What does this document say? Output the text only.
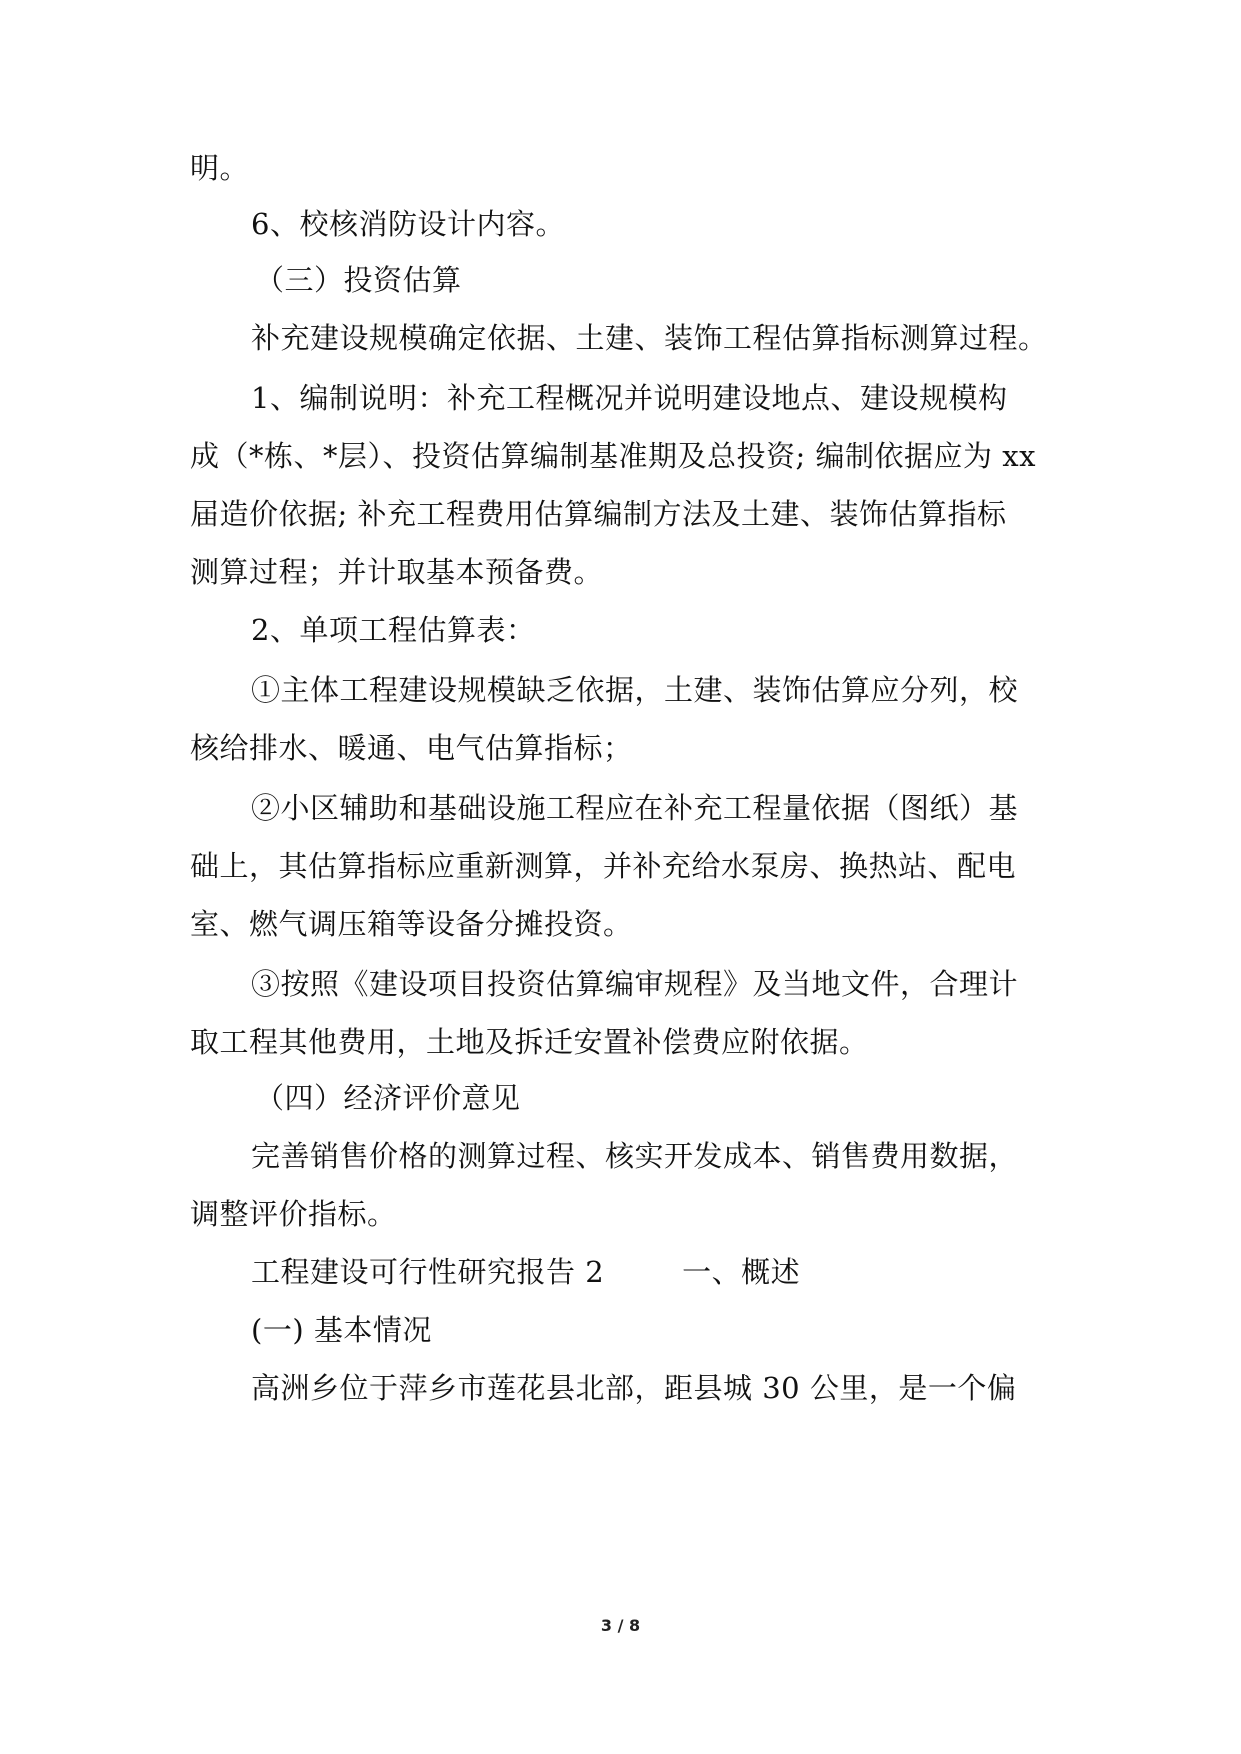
明。
6、校核消防设计内容。
（三）投资估算
补充建设规模确定依据、土建、装饰工程估算指标测算过程。
1、编制说明：补充工程概况并说明建设地点、建设规模构
成（*栋、*层）、投资估算编制基准期及总投资; 编制依据应为 xx
届造价依据; 补充工程费用估算编制方法及土建、装饰估算指标
测算过程；并计取基本预备费。
2、单项工程估算表：
①主体工程建设规模缺乏依据，土建、装饰估算应分列，校
核给排水、暖通、电气估算指标；
②小区辅助和基础设施工程应在补充工程量依据（图纸）基
础上，其估算指标应重新测算，并补充给水泵房、换热站、配电
室、燃气调压箱等设备分摊投资。
③按照《建设项目投资估算编审规程》及当地文件，合理计
取工程其他费用，土地及拆迁安置补偿费应附依据。
（四）经济评价意见
完善销售价格的测算过程、核实开发成本、销售费用数据，
调整评价指标。
工程建设可行性研究报告 2	一、概述
(一) 基本情况
高洲乡位于萍乡市莲花县北部，距县城 30 公里，是一个偏
3 / 8
